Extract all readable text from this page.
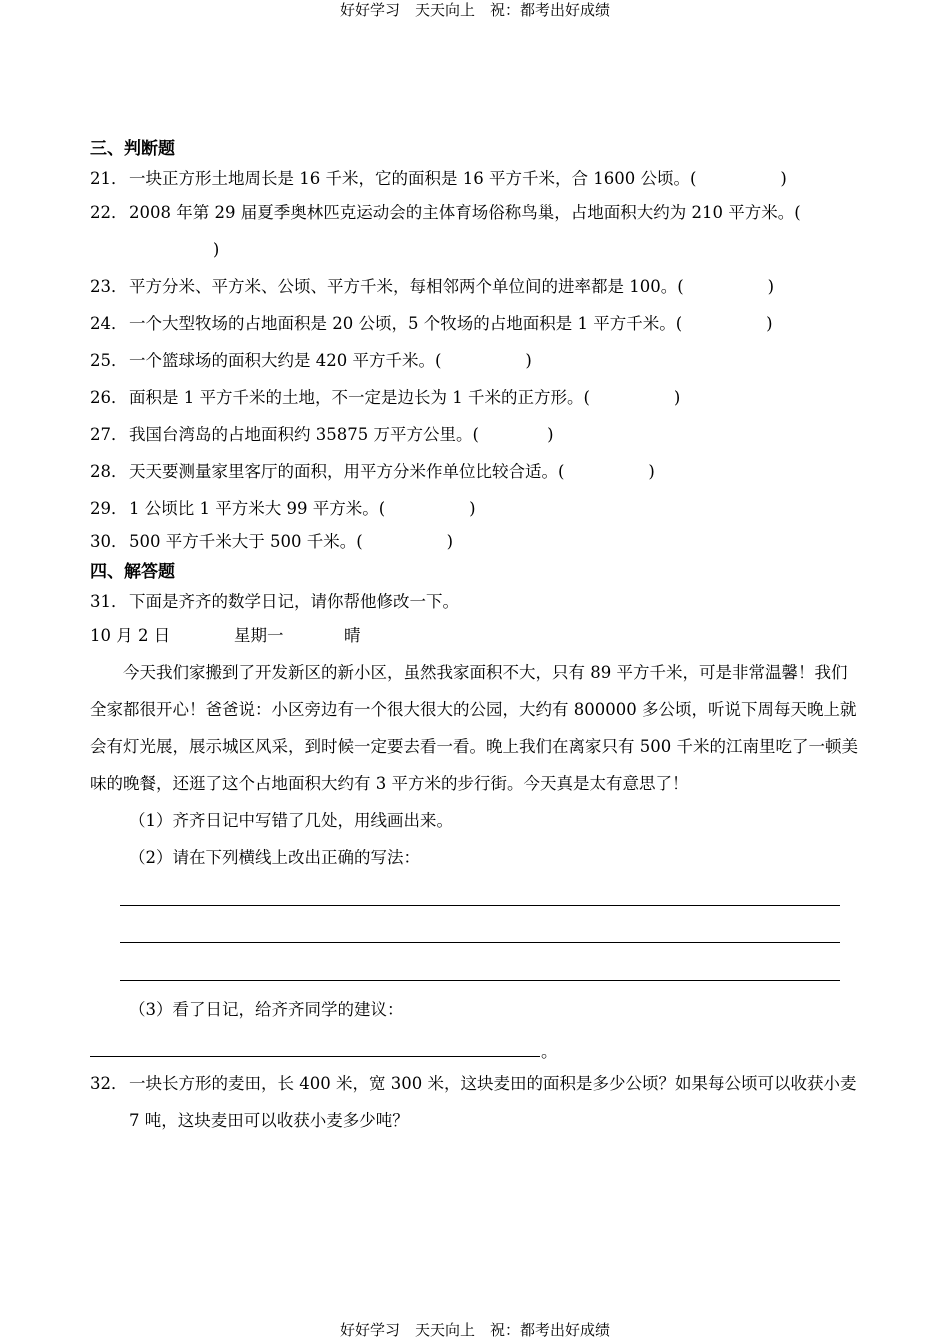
好好学习　天天向上　祝：都考出好成绩
三、判断题
21．一块正方形土地周长是 16 千米，它的面积是 16 平方千米，合 1600 公顷。(	)
22．2008 年第 29 届夏季奥林匹克运动会的主体育场俗称鸟巢，占地面积大约为 210 平方米。(                )
23．平方分米、平方米、公顷、平方千米，每相邻两个单位间的进率都是 100。(	)
24．一个大型牧场的占地面积是 20 公顷，5 个牧场的占地面积是 1 平方千米。(	)
25．一个篮球场的面积大约是 420 平方千米。(	)
26．面积是 1 平方千米的土地，不一定是边长为 1 千米的正方形。(	)
27．我国台湾岛的占地面积约 35875 万平方公里。(	)
28．天天要测量家里客厅的面积，用平方分米作单位比较合适。(	)
29．1 公顷比 1 平方米大 99 平方米。(	)
30．500 平方千米大于 500 千米。(	)
四、解答题
31．下面是齐齐的数学日记，请你帮他修改一下。
10 月 2 日	星期一	晴
今天我们家搬到了开发新区的新小区，虽然我家面积不大，只有 89 平方千米，可是非常温馨！我们全家都很开心！爸爸说：小区旁边有一个很大很大的公园，大约有 800000 多公顷，听说下周每天晚上就会有灯光展，展示城区风采，到时候一定要去看一看。晚上我们在离家只有 500 千米的江南里吃了一顿美味的晚餐，还逛了这个占地面积大约有 3 平方米的步行街。今天真是太有意思了！
（1）齐齐日记中写错了几处，用线画出来。
（2）请在下列横线上改出正确的写法：
（3）看了日记，给齐齐同学的建议：
。
32．一块长方形的麦田，长 400 米，宽 300 米，这块麦田的面积是多少公顷？如果每公顷可以收获小麦 7 吨，这块麦田可以收获小麦多少吨？
好好学习　天天向上　祝：都考出好成绩
